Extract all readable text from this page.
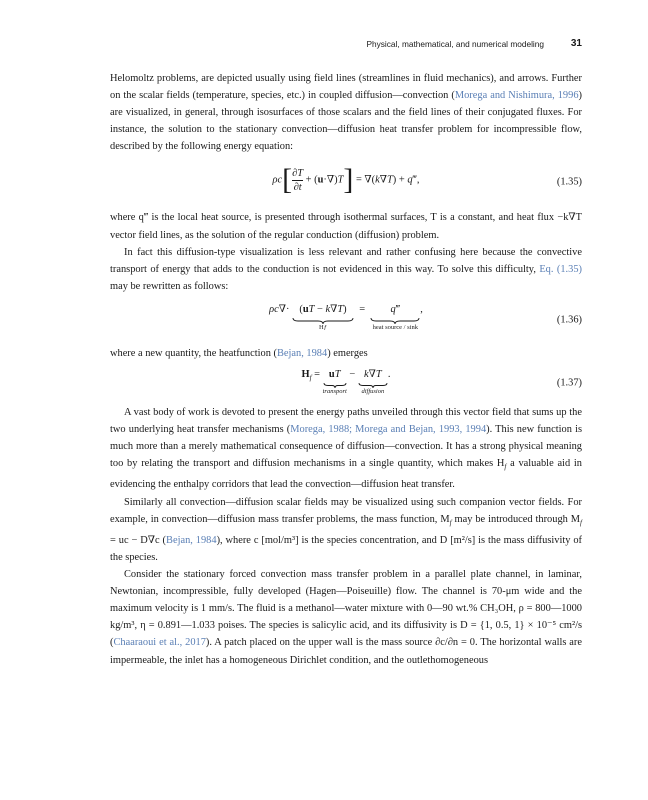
Physical, mathematical, and numerical modeling	31

Helomoltz problems, are depicted usually using field lines (streamlines in fluid mechanics), and arrows. Further on the scalar fields (temperature, species, etc.) in coupled diffusion—convection (Morega and Nishimura, 1996) are visualized, in general, through isosurfaces of those scalars and the field lines of their conjugated fluxes. For instance, the solution to the stationary convection—diffusion heat transfer problem for incompressible flow, described by the following energy equation:

$\rho c[ \frac{\partial T}{\partial t} + (u\cdot\nabla)T] = \nabla(k\nabla T)$ + q‴,	(1.35)

where q‴ is the local heat source, is presented through isothermal surfaces, T is a constant, and heat flux −k∇T vector field lines, as the solution of the regular conduction (diffusion) problem.

In fact this diffusion-type visualization is less relevant and rather confusing here because the convective transport of energy that adds to the conduction is not evidenced in this way. To solve this difficulty, Eq. (1.35) may be rewritten as follows:

ρc∇· (uT − k∇T)
Hƒ
=	q‴
heat source / sink
,
(1.36)

where a new quantity, the heatfunction (Bejan, 1984) emerges

$H_f$ = uT
transport
− k∇T
diffusion
.
(1.37)

A vast body of work is devoted to present the energy paths unveiled through this vector field that sums up the two underlying heat transfer mechanisms (Morega, 1988; Morega and Bejan, 1993, 1994). This new function is much more than a merely mathematical consequence of diffusion—convection. It has a strong physical meaning too by relating the transport and diffusion mechanisms in a single quantity, which makes $H_f$ a valuable aid in evidencing the enthalpy corridors that lead the convection—diffusion heat transfer.

Similarly all convection—diffusion scalar fields may be visualized using such companion vector fields. For example, in convection—diffusion mass transfer problems, the mass function, $M_f$ may be introduced through $M_f$ = uc − D∇c (Bejan, 1984), where c [mol/m³] is the species concentration, and D [m²/s] is the mass diffusivity of the species.

Consider the stationary forced convection mass transfer problem in a parallel plate channel, in laminar, Newtonian, incompressible, fully developed (Hagen—Poiseuille) flow. The channel is 70-μm wide and the maximum velocity is 1 mm/s. The fluid is a methanol—water mixture with 0—90 wt.% CH₃OH, ρ = 800—1000 kg/m³, η = 0.891—1.033 poises. The species is salicylic acid, and its diffusivity is D = {1, 0.5, 1} × 10⁻⁵ cm²/s (Chaaraoui et al., 2017). A patch placed on the upper wall is the mass source ∂c/∂n = 0. The horizontal walls are impermeable, the inlet has a homogeneous Dirichlet condition, and the outlethomogeneous
